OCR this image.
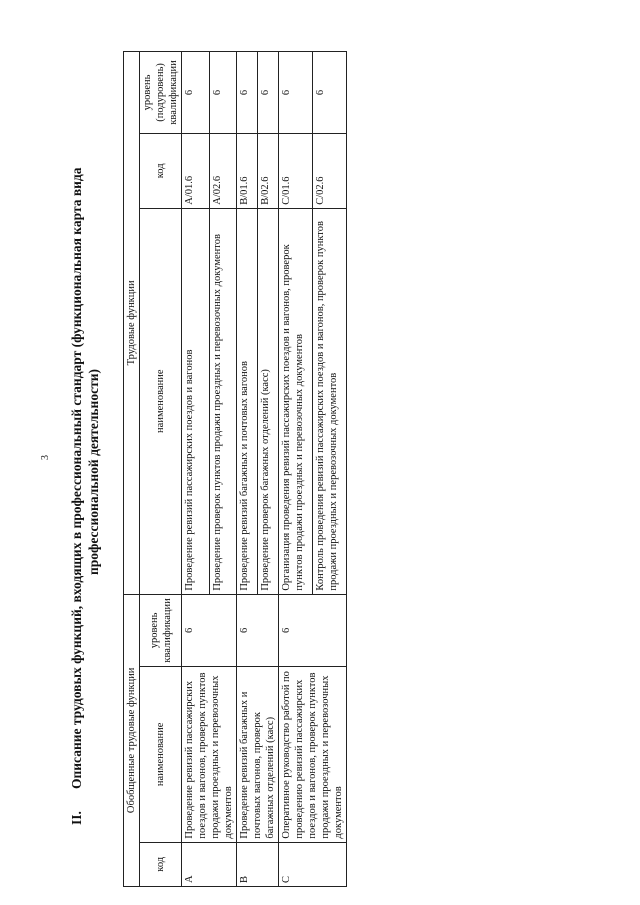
3
II.Описание трудовых функций, входящих в профессиональный стандарт (функциональная карта вида профессиональной деятельности)
Обобщенные трудовые функции			Трудовые функции		
код	наименование	уровень квалификации	наименование	код	уровень (подуровень) квалификации
A	Проведение ревизий пассажирских поездов и вагонов, проверок пунктов продажи проездных и перевозочных документов	6	Проведение ревизий пассажирских поездов и вагонов	A/01.6	6
			Проведение проверок пунктов продажи проездных и перевозочных документов	A/02.6	6
B	Проведение ревизий багажных и почтовых вагонов, проверок багажных отделений (касс)	6	Проведение ревизий багажных и почтовых вагонов	B/01.6	6
			Проведение проверок багажных отделений (касс)	B/02.6	6
C	Оперативное руководство работой по проведению ревизий пассажирских поездов и вагонов, проверок пунктов продажи проездных и перевозочных документов	6	Организация проведения ревизий пассажирских поездов и вагонов, проверок пунктов продажи проездных и перевозочных документов	C/01.6	6
			Контроль проведения ревизий пассажирских поездов и вагонов, проверок пунктов продажи проездных и перевозочных документов	C/02.6	6
